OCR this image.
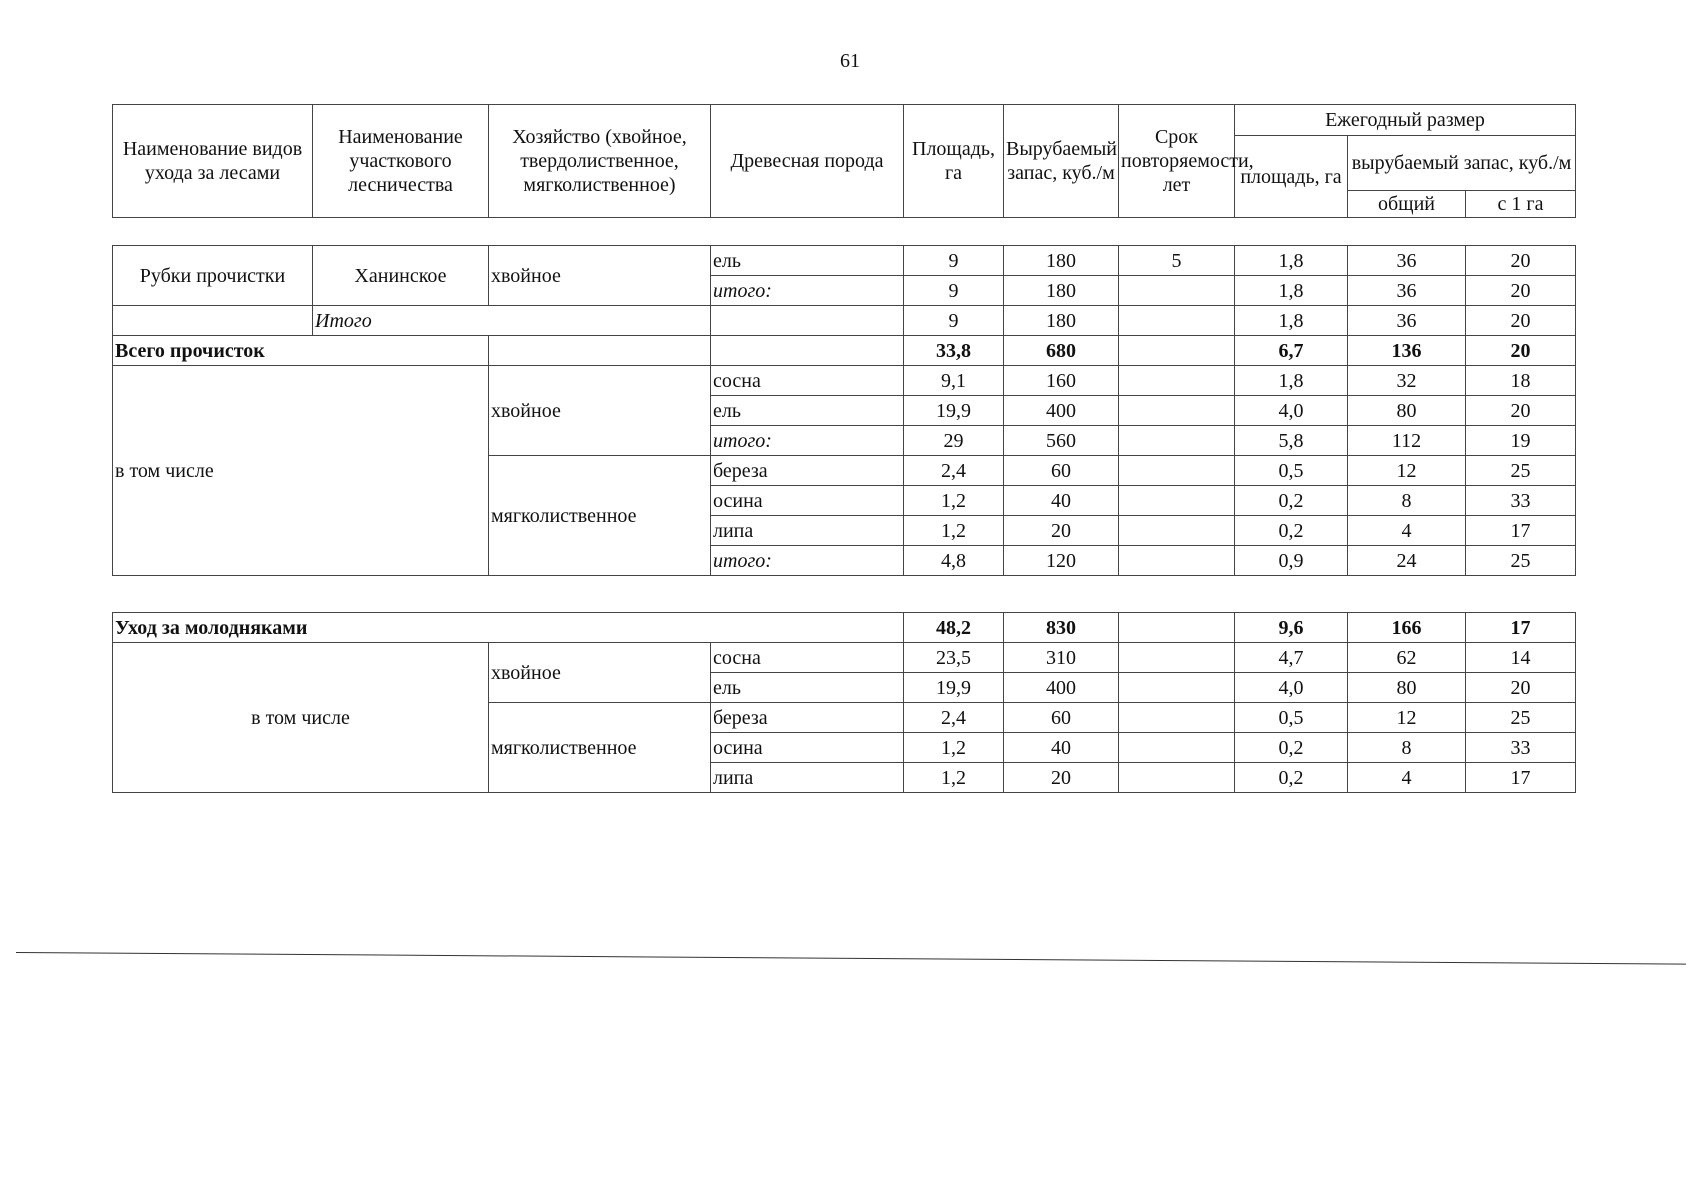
61
Наименование видов ухода за лесами	Наименование участкового лесничества	Хозяйство (хвойное, твердолиственное, мягколиственное)	Древесная порода	Площадь, га	Вырубаемый запас, куб./м	Срок повторяемости, лет	Ежегодный размер		
							площадь, га	вырубаемый запас, куб./м	
								общий	с 1 га

Рубки прочистки	Ханинское	хвойное	ель	9	180	5	1,8	36	20
			итого:	9	180		1,8	36	20
	Итого			9	180		1,8	36	20
Всего прочисток				33,8	680		6,7	136	20
в том числе		хвойное	сосна	9,1	160		1,8	32	18
			ель	19,9	400		4,0	80	20
			итого:	29	560		5,8	112	19
		мягколиственное	береза	2,4	60		0,5	12	25
			осина	1,2	40		0,2	8	33
			липа	1,2	20		0,2	4	17
			итого:	4,8	120		0,9	24	25

Уход за молодняками				48,2	830		9,6	166	17
в том числе		хвойное	сосна	23,5	310		4,7	62	14
			ель	19,9	400		4,0	80	20
		мягколиственное	береза	2,4	60		0,5	12	25
			осина	1,2	40		0,2	8	33
			липа	1,2	20		0,2	4	17
